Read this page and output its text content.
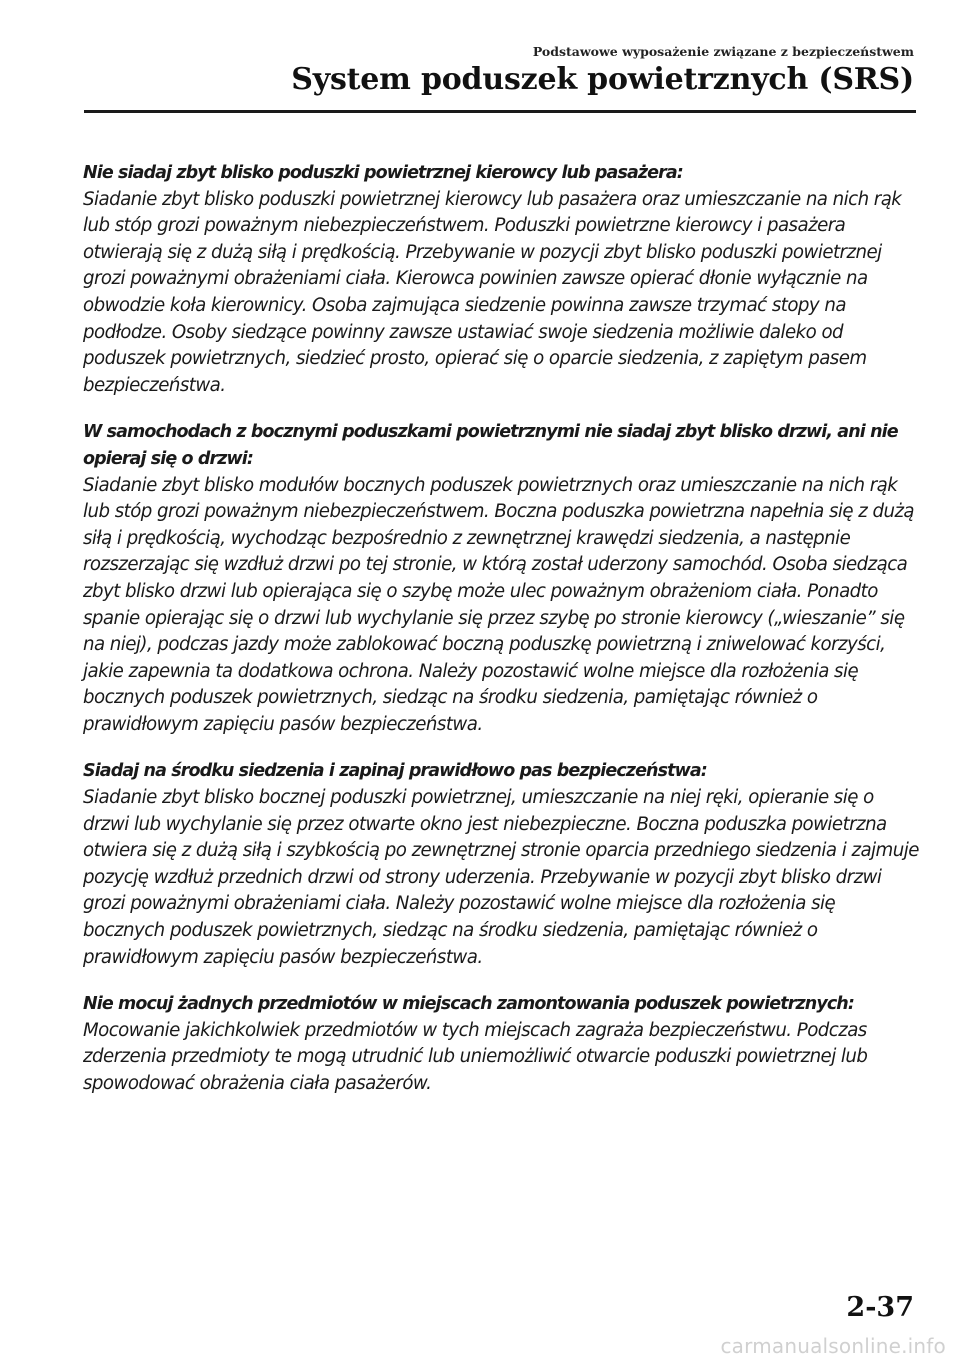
Podstawowe wyposażenie związane z bezpieczeństwem
System poduszek powietrznych (SRS)

Nie siadaj zbyt blisko poduszki powietrznej kierowcy lub pasażera:

Siadanie zbyt blisko poduszki powietrznej kierowcy lub pasażera oraz umieszczanie na nich rąk lub stóp grozi poważnym niebezpieczeństwem. Poduszki powietrzne kierowcy i pasażera otwierają się z dużą siłą i prędkością. Przebywanie w pozycji zbyt blisko poduszki powietrznej grozi poważnymi obrażeniami ciała. Kierowca powinien zawsze opierać dłonie wyłącznie na obwodzie koła kierownicy. Osoba zajmująca siedzenie powinna zawsze trzymać stopy na podłodze. Osoby siedzące powinny zawsze ustawiać swoje siedzenia możliwie daleko od poduszek powietrznych, siedzieć prosto, opierać się o oparcie siedzenia, z zapiętym pasem bezpieczeństwa.

W samochodach z bocznymi poduszkami powietrznymi nie siadaj zbyt blisko drzwi, ani nie opieraj się o drzwi:

Siadanie zbyt blisko modułów bocznych poduszek powietrznych oraz umieszczanie na nich rąk lub stóp grozi poważnym niebezpieczeństwem. Boczna poduszka powietrzna napełnia się z dużą siłą i prędkością, wychodząc bezpośrednio z zewnętrznej krawędzi siedzenia, a następnie rozszerzając się wzdłuż drzwi po tej stronie, w którą został uderzony samochód. Osoba siedząca zbyt blisko drzwi lub opierająca się o szybę może ulec poważnym obrażeniom ciała. Ponadto spanie opierając się o drzwi lub wychylanie się przez szybę po stronie kierowcy („wieszanie” się na niej), podczas jazdy może zablokować boczną poduszkę powietrzną i zniwelować korzyści, jakie zapewnia ta dodatkowa ochrona. Należy pozostawić wolne miejsce dla rozłożenia się bocznych poduszek powietrznych, siedząc na środku siedzenia, pamiętając również o prawidłowym zapięciu pasów bezpieczeństwa.

Siadaj na środku siedzenia i zapinaj prawidłowo pas bezpieczeństwa:

Siadanie zbyt blisko bocznej poduszki powietrznej, umieszczanie na niej ręki, opieranie się o drzwi lub wychylanie się przez otwarte okno jest niebezpieczne. Boczna poduszka powietrzna otwiera się z dużą siłą i szybkością po zewnętrznej stronie oparcia przedniego siedzenia i zajmuje pozycję wzdłuż przednich drzwi od strony uderzenia. Przebywanie w pozycji zbyt blisko drzwi grozi poważnymi obrażeniami ciała. Należy pozostawić wolne miejsce dla rozłożenia się bocznych poduszek powietrznych, siedząc na środku siedzenia, pamiętając również o prawidłowym zapięciu pasów bezpieczeństwa.

Nie mocuj żadnych przedmiotów w miejscach zamontowania poduszek powietrznych:

Mocowanie jakichkolwiek przedmiotów w tych miejscach zagraża bezpieczeństwu. Podczas zderzenia przedmioty te mogą utrudnić lub uniemożliwić otwarcie poduszki powietrznej lub spowodować obrażenia ciała pasażerów.

2-37
carmanualsonline.info
